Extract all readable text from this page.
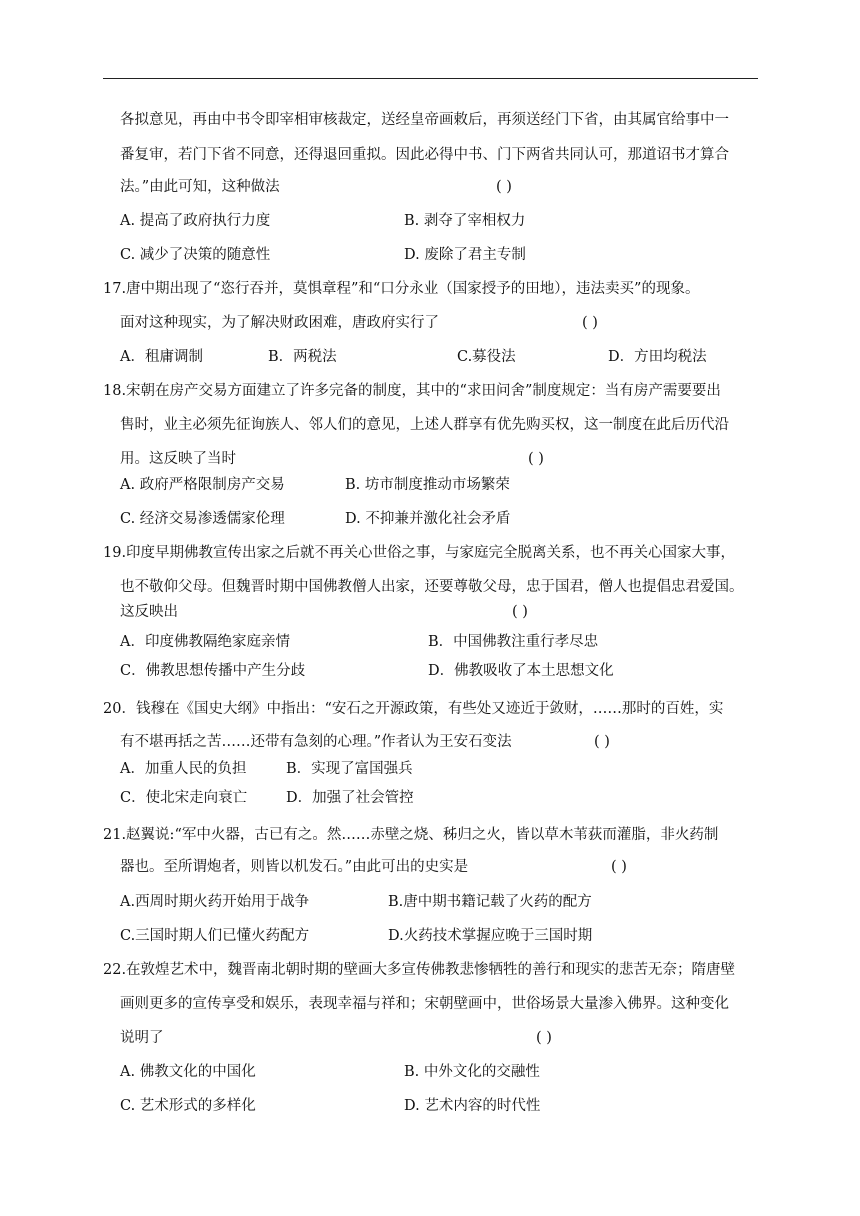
各拟意见，再由中书令即宰相审核裁定，送经皇帝画敕后，再须送经门下省，由其属官给事中一
番复审，若门下省不同意，还得退回重拟。因此必得中书、门下两省共同认可，那道诏书才算合
法。”由此可知，这种做法	( )
A. 提高了政府执行力度	B. 剥夺了宰相权力
C. 减少了决策的随意性	D. 废除了君主专制
17.唐中期出现了“恣行吞并，莫惧章程”和“口分永业（国家授予的田地），违法卖买”的现象。
面对这种现实，为了解决财政困难，唐政府实行了	( )
A．租庸调制	B．两税法	C.募役法	D．方田均税法
18.宋朝在房产交易方面建立了许多完备的制度，其中的“求田问舍”制度规定：当有房产需要要出
售时，业主必须先征询族人、邻人们的意见，上述人群享有优先购买权，这一制度在此后历代沿
用。这反映了当时	( )
A. 政府严格限制房产交易	B. 坊市制度推动市场繁荣
C. 经济交易渗透儒家伦理	D. 不抑兼并激化社会矛盾
19.印度早期佛教宣传出家之后就不再关心世俗之事，与家庭完全脱离关系，也不再关心国家大事，
也不敬仰父母。但魏晋时期中国佛教僧人出家，还要尊敬父母，忠于国君，僧人也提倡忠君爱国。
这反映出	( )
A．印度佛教隔绝家庭亲情	B．中国佛教注重行孝尽忠
C．佛教思想传播中产生分歧	D．佛教吸收了本土思想文化
20．钱穆在《国史大纲》中指出：“安石之开源政策，有些处又迹近于敛财，……那时的百姓，实
有不堪再括之苦……还带有急刻的心理。”作者认为王安石变法	( )
A．加重人民的负担	B．实现了富国强兵
C．使北宋走向衰亡	D．加强了社会管控
21.赵翼说:“军中火器，古已有之。然……赤壁之烧、秭归之火，皆以草木苇荻而灌脂，非火药制
器也。至所谓炮者，则皆以机发石。”由此可出的史实是	( )
A.西周时期火药开始用于战争	B.唐中期书籍记载了火药的配方
C.三国时期人们已懂火药配方	D.火药技术掌握应晚于三国时期
22.在敦煌艺术中，魏晋南北朝时期的壁画大多宣传佛教悲惨牺牲的善行和现实的悲苦无奈；隋唐壁
画则更多的宣传享受和娱乐，表现幸福与祥和；宋朝壁画中，世俗场景大量渗入佛界。这种变化
说明了	( )
A. 佛教文化的中国化	B. 中外文化的交融性
C. 艺术形式的多样化	D. 艺术内容的时代性
